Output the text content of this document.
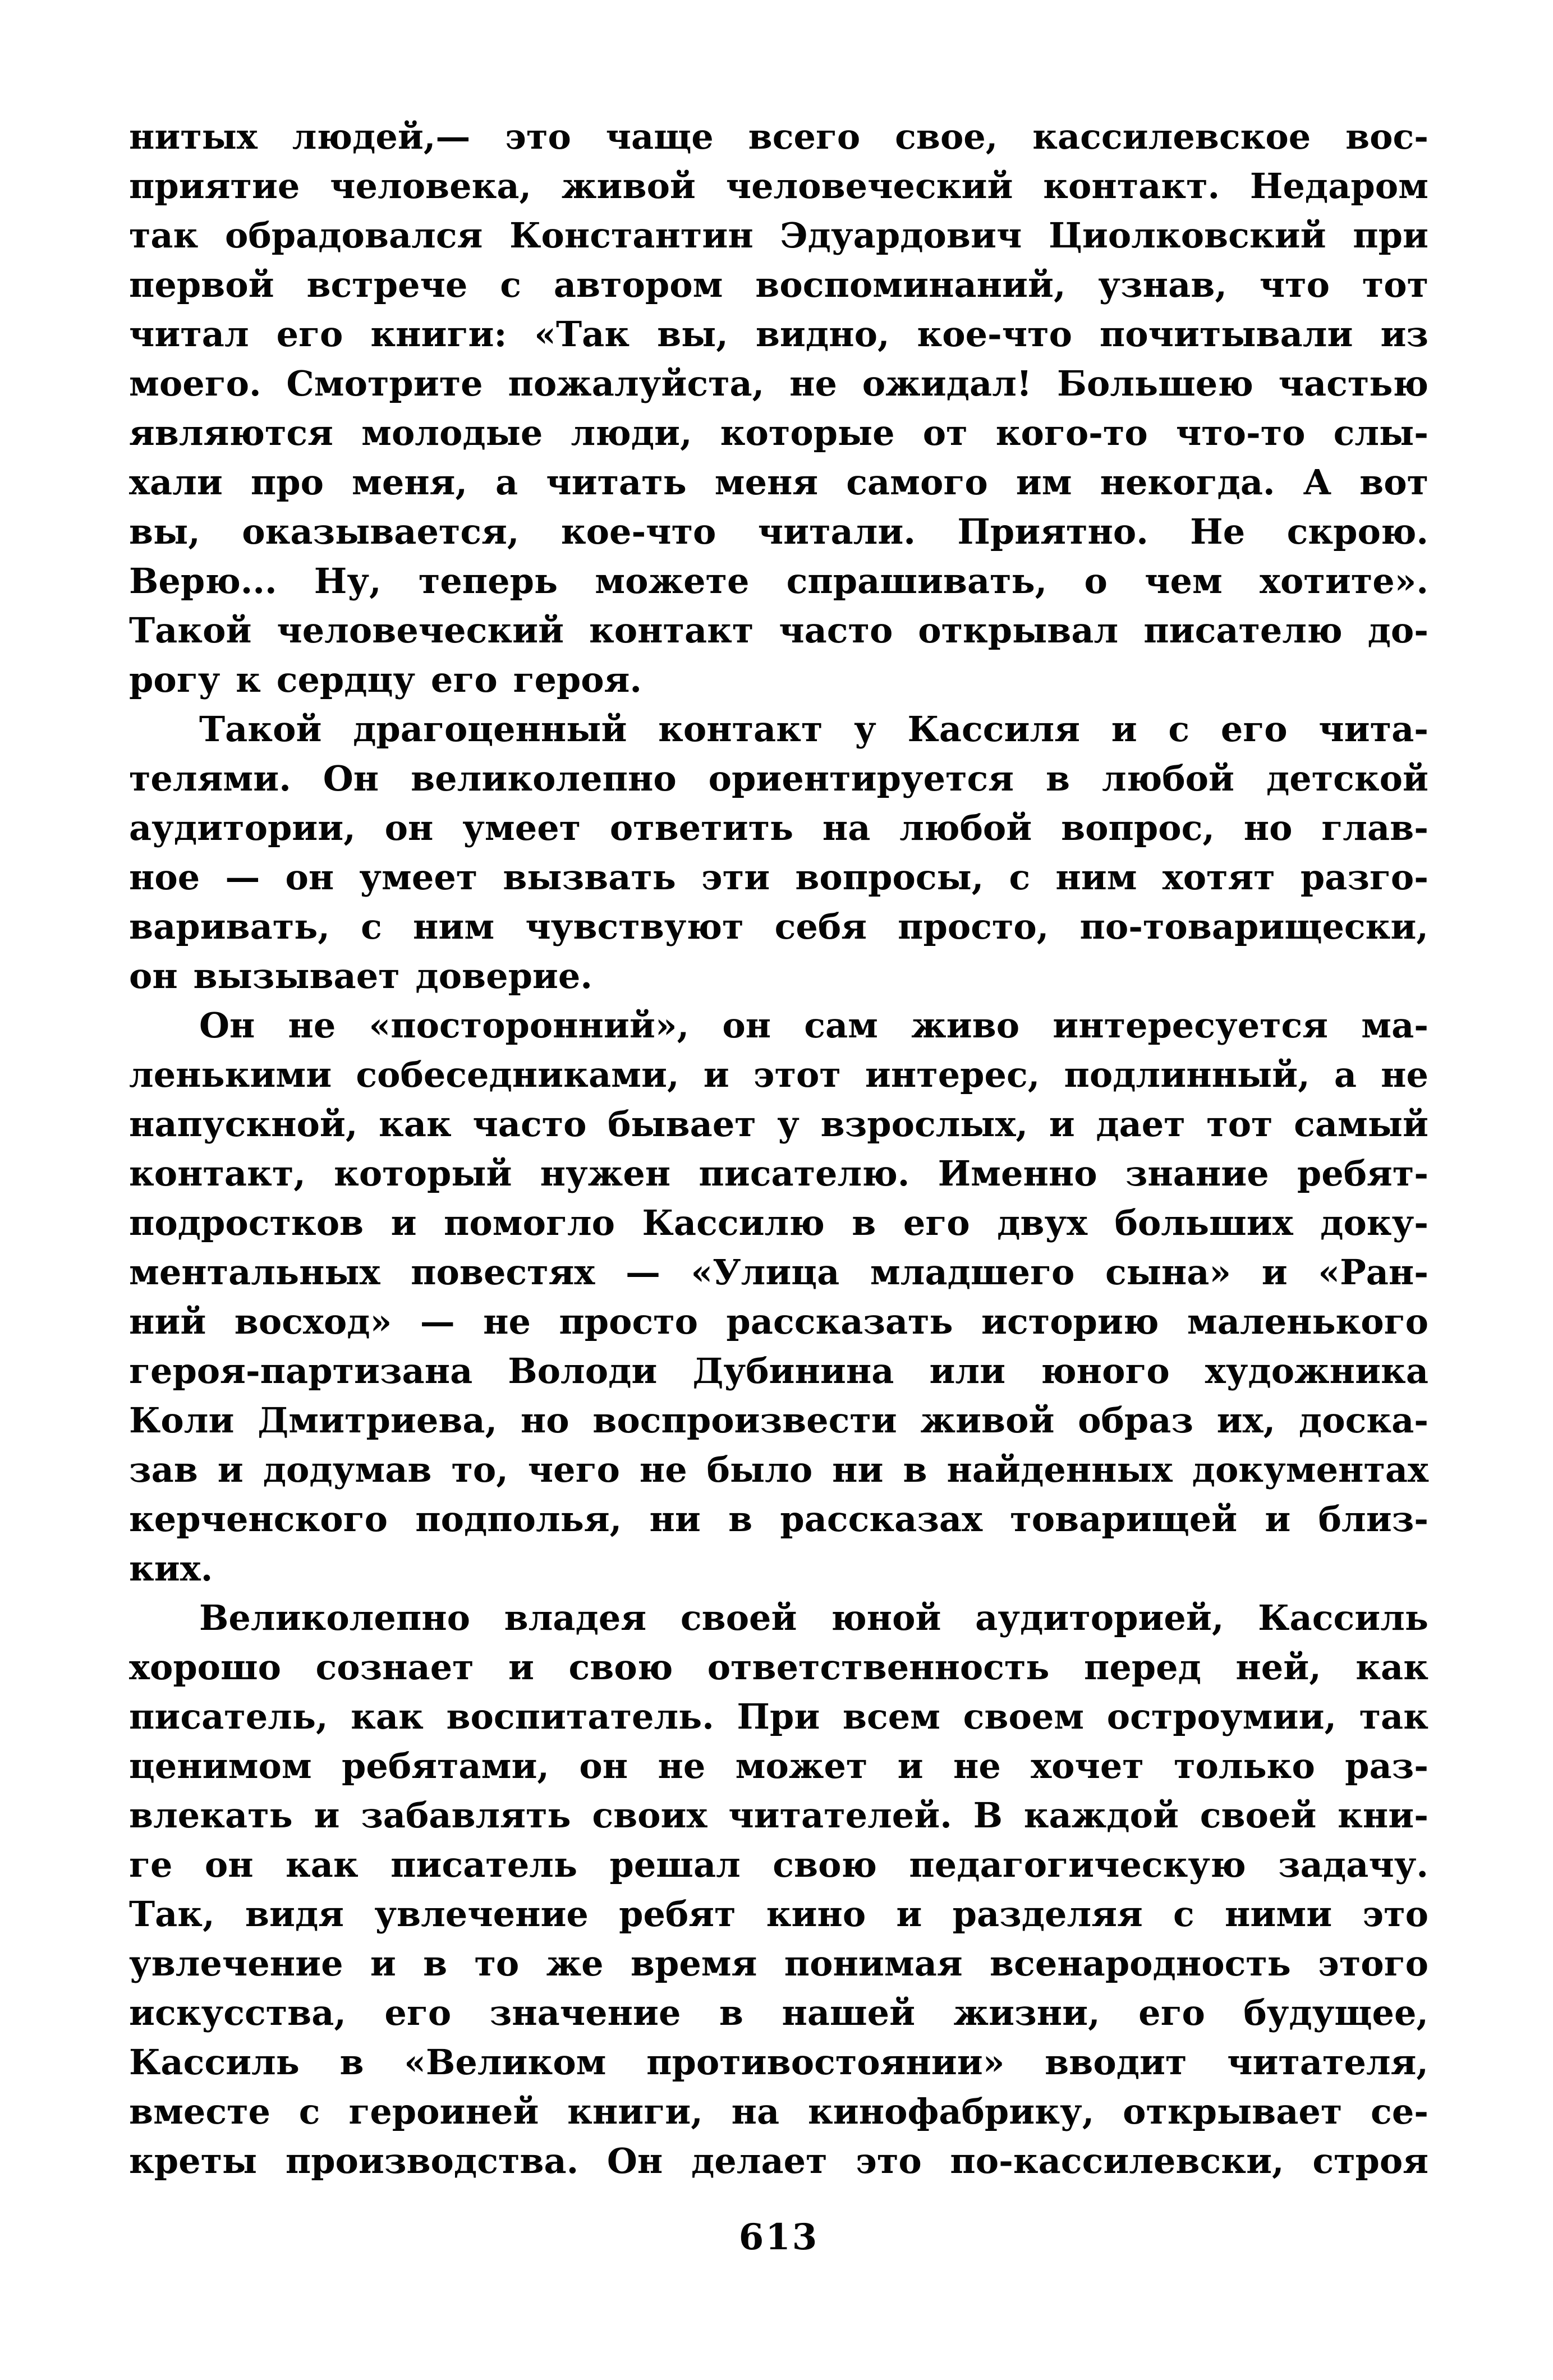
нитых людей,— это чаще всего свое, кассилевское вос-
приятие человека, живой человеческий контакт. Недаром
так обрадовался Константин Эдуардович Циолковский при
первой встрече с автором воспоминаний, узнав, что тот
читал его книги: «Так вы, видно, кое-что почитывали из
моего. Смотрите пожалуйста, не ожидал! Большею частью
являются молодые люди, которые от кого-то что-то слы-
хали про меня, а читать меня самого им некогда. А вот
вы, оказывается, кое-что читали. Приятно. Не скрою.
Верю... Ну, теперь можете спрашивать, о чем хотите».
Такой человеческий контакт часто открывал писателю до-
рогу к сердцу его героя.
Такой драгоценный контакт у Кассиля и с его чита-
телями. Он великолепно ориентируется в любой детской
аудитории, он умеет ответить на любой вопрос, но глав-
ное — он умеет вызвать эти вопросы, с ним хотят разго-
варивать, с ним чувствуют себя просто, по-товарищески,
он вызывает доверие.
Он не «посторонний», он сам живо интересуется ма-
ленькими собеседниками, и этот интерес, подлинный, а не
напускной, как часто бывает у взрослых, и дает тот самый
контакт, который нужен писателю. Именно знание ребят-
подростков и помогло Кассилю в его двух больших доку-
ментальных повестях — «Улица младшего сына» и «Ран-
ний восход» — не просто рассказать историю маленького
героя-партизана Володи Дубинина или юного художника
Коли Дмитриева, но воспроизвести живой образ их, доска-
зав и додумав то, чего не было ни в найденных документах
керченского подполья, ни в рассказах товарищей и близ-
ких.
Великолепно владея своей юной аудиторией, Кассиль
хорошо сознает и свою ответственность перед ней, как
писатель, как воспитатель. При всем своем остроумии, так
ценимом ребятами, он не может и не хочет только раз-
влекать и забавлять своих читателей. В каждой своей кни-
ге он как писатель решал свою педагогическую задачу.
Так, видя увлечение ребят кино и разделяя с ними это
увлечение и в то же время понимая всенародность этого
искусства, его значение в нашей жизни, его будущее,
Кассиль в «Великом противостоянии» вводит читателя,
вместе с героиней книги, на кинофабрику, открывает се-
креты производства. Он делает это по-кассилевски, строя
613
